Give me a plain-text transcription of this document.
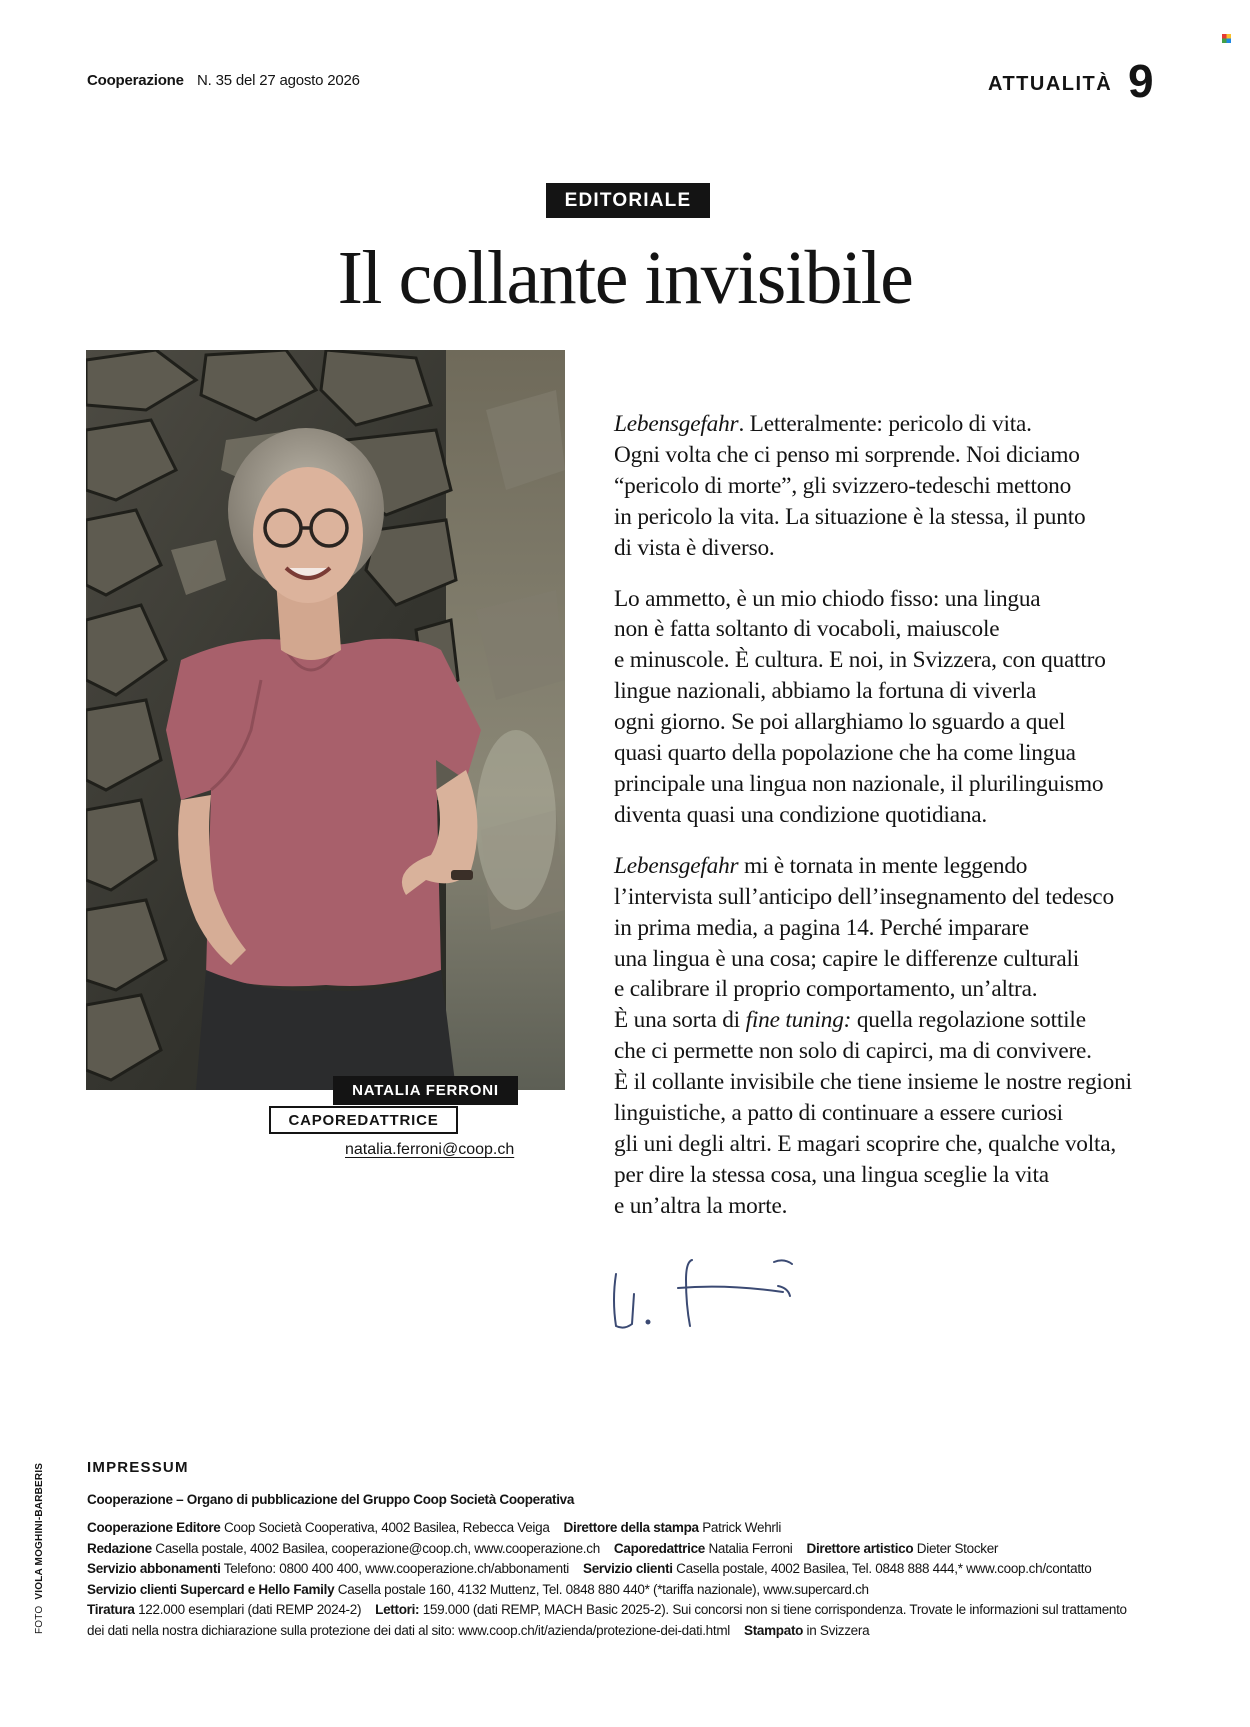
Cooperazione N. 35 del 27 agosto 2026	ATTUALITÀ 9
EDITORIALE
Il collante invisibile
NATALIA FERRONI
CAPOREDATTRICE
natalia.ferroni@coop.ch

Lebensgefahr. Letteralmente: pericolo di vita.
Ogni volta che ci penso mi sorprende. Noi diciamo
“pericolo di morte”, gli svizzero-tedeschi mettono
in pericolo la vita. La situazione è la stessa, il punto
di vista è diverso.

Lo ammetto, è un mio chiodo fisso: una lingua
non è fatta soltanto di vocaboli, maiuscole
e minuscole. È cultura. E noi, in Svizzera, con quattro
lingue nazionali, abbiamo la fortuna di viverla
ogni giorno. Se poi allarghiamo lo sguardo a quel
quasi quarto della popolazione che ha come lingua
principale una lingua non nazionale, il plurilinguismo
diventa quasi una condizione quotidiana.

Lebensgefahr mi è tornata in mente leggendo
l’intervista sull’anticipo dell’insegnamento del tedesco
in prima media, a pagina 14. Perché imparare
una lingua è una cosa; capire le differenze culturali
e calibrare il proprio comportamento, un’altra.
È una sorta di fine tuning: quella regolazione sottile
che ci permette non solo di capirci, ma di convivere.
È il collante invisibile che tiene insieme le nostre regioni
linguistiche, a patto di continuare a essere curiosi
gli uni degli altri. E magari scoprire che, qualche volta,
per dire la stessa cosa, una lingua sceglie la vita
e un’altra la morte.

FOTO  VIOLA MOGHINI-BARBERIS	IMPRESSUM
Cooperazione – Organo di pubblicazione del Gruppo Coop Società Cooperativa
Cooperazione Editore Coop Società Cooperativa, 4002 Basilea, Rebecca Veiga Direttore della stampa Patrick Wehrli
Redazione Casella postale, 4002 Basilea, cooperazione@coop.ch, www.cooperazione.ch Caporedattrice Natalia Ferroni Direttore artistico Dieter Stocker
Servizio abbonamenti Telefono: 0800 400 400, www.cooperazione.ch/abbonamenti Servizio clienti Casella postale, 4002 Basilea, Tel. 0848 888 444,* www.coop.ch/contatto
Servizio clienti Supercard e Hello Family Casella postale 160, 4132 Muttenz, Tel. 0848 880 440* (*tariffa nazionale), www.supercard.ch
Tiratura 122.000 esemplari (dati REMP 2024-2) Lettori: 159.000 (dati REMP, MACH Basic 2025-2). Sui concorsi non si tiene corrispondenza. Trovate le informazioni sul trattamento
dei dati nella nostra dichiarazione sulla protezione dei dati al sito: www.coop.ch/it/azienda/protezione-dei-dati.html Stampato in Svizzera
